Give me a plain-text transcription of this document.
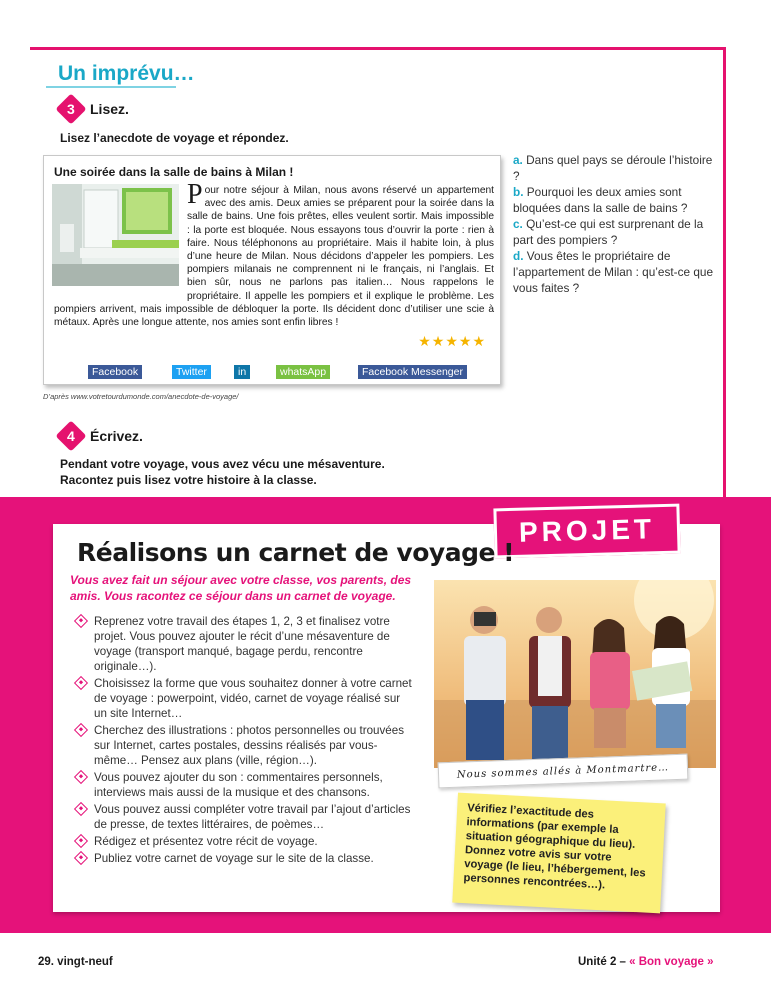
Un imprévu…
3 Lisez.
Lisez l’anecdote de voyage et répondez.
Une soirée dans la salle de bains à Milan !
P our notre séjour à Milan, nous avons réservé un appartement avec des amis. Deux amies se préparent pour la soirée dans la salle de bains. Une fois prêtes, elles veulent sortir. Mais impossible : la porte est bloquée. Nous essayons tous d’ouvrir la porte : rien à faire. Nous téléphonons au propriétaire. Mais il habite loin, à plus d’une heure de Milan. Nous décidons d’appeler les pompiers. Les pompiers milanais ne comprennent ni le français, ni l’anglais. Et bien sûr, nous ne parlons pas italien… Nous rappelons le propriétaire. Il appelle les pompiers et il explique le problème. Les pompiers arrivent, mais impossible de débloquer la porte. Ils décident donc d’utiliser une scie à métaux. Après une longue attente, nos amies sont enfin libres !
★★★★★
Facebook	Twitter	in	whatsApp	Facebook Messenger
D’après www.votretourdumonde.com/anecdote-de-voyage/
a. Dans quel pays se déroule l’histoire ?
b. Pourquoi les deux amies sont bloquées dans la salle de bains ?
c. Qu’est-ce qui est surprenant de la part des pompiers ?
d. Vous êtes le propriétaire de l’appartement de Milan : qu’est-ce que vous faites ?
4 Écrivez.
Pendant votre voyage, vous avez vécu une mésaventure.
Racontez puis lisez votre histoire à la classe.
PROJET
Réalisons un carnet de voyage !
Vous avez fait un séjour avec votre classe, vos parents, des amis. Vous racontez ce séjour dans un carnet de voyage.
Reprenez votre travail des étapes 1, 2, 3 et finalisez votre projet. Vous pouvez ajouter le récit d’une mésaventure de voyage (transport manqué, bagage perdu, rencontre originale…).
Choisissez la forme que vous souhaitez donner à votre carnet de voyage : powerpoint, vidéo, carnet de voyage réalisé sur un site Internet…
Cherchez des illustrations : photos personnelles ou trouvées sur Internet, cartes postales, dessins réalisés par vous-même… Pensez aux plans (ville, région…).
Vous pouvez ajouter du son : commentaires personnels, interviews mais aussi de la musique et des chansons.
Vous pouvez aussi compléter votre travail par l’ajout d’articles de presse, de textes littéraires, de poèmes…
Rédigez et présentez votre récit de voyage.
Publiez votre carnet de voyage sur le site de la classe.
Nous sommes allés à Montmartre…
Vérifiez l’exactitude des informations (par exemple la situation géographique du lieu). Donnez votre avis sur votre voyage (le lieu, l’hébergement, les personnes rencontrées…).
29. vingt-neuf	Unité 2 – « Bon voyage »
